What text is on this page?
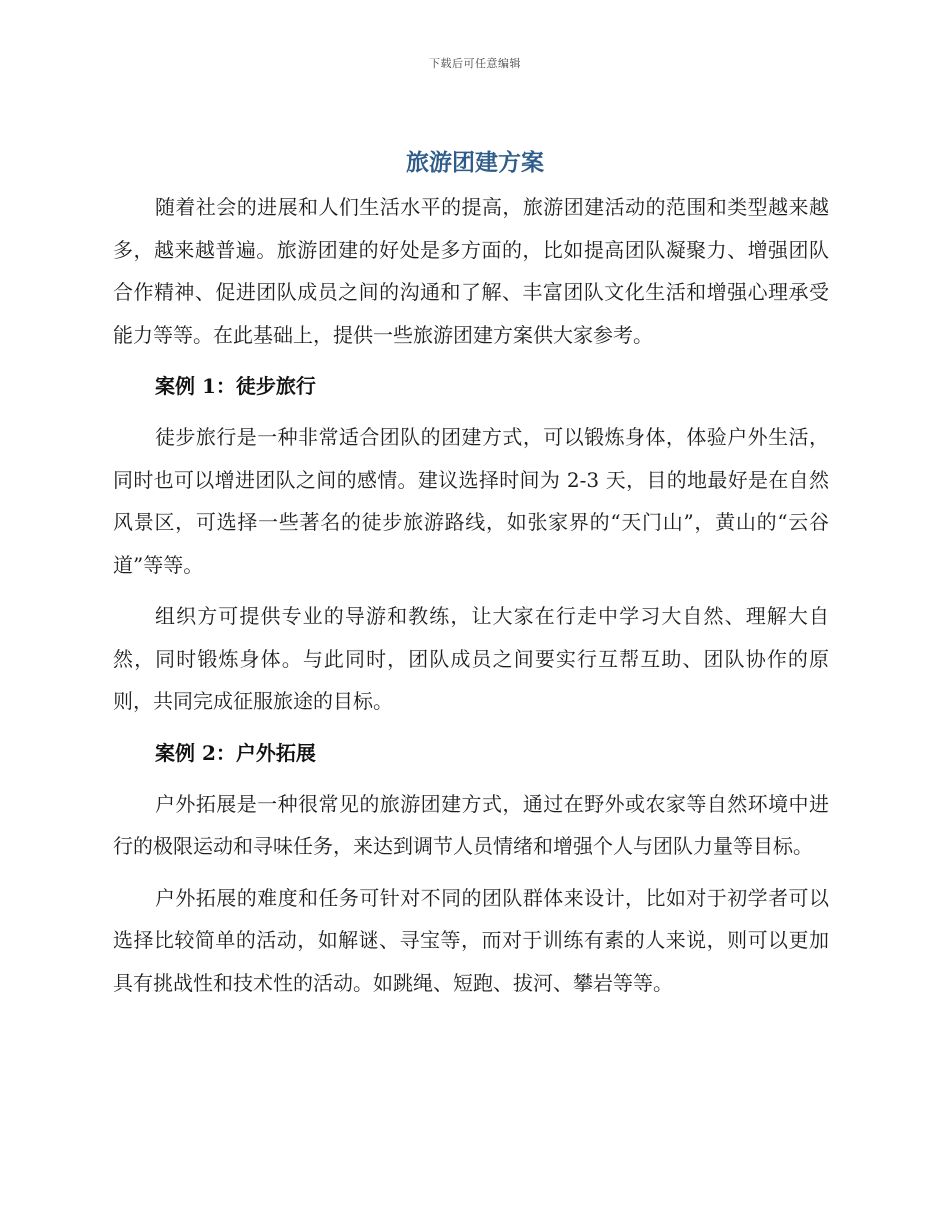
下载后可任意编辑
旅游团建方案

随着社会的进展和人们生活水平的提高，旅游团建活动的范围和类型越来越多，越来越普遍。旅游团建的好处是多方面的，比如提高团队凝聚力、增强团队合作精神、促进团队成员之间的沟通和了解、丰富团队文化生活和增强心理承受能力等等。在此基础上，提供一些旅游团建方案供大家参考。

案例 1：徒步旅行

徒步旅行是一种非常适合团队的团建方式，可以锻炼身体，体验户外生活，同时也可以增进团队之间的感情。建议选择时间为 2-3 天，目的地最好是在自然风景区，可选择一些著名的徒步旅游路线，如张家界的“天门山”，黄山的“云谷道”等等。

组织方可提供专业的导游和教练，让大家在行走中学习大自然、理解大自然，同时锻炼身体。与此同时，团队成员之间要实行互帮互助、团队协作的原则，共同完成征服旅途的目标。

案例 2：户外拓展

户外拓展是一种很常见的旅游团建方式，通过在野外或农家等自然环境中进行的极限运动和寻味任务，来达到调节人员情绪和增强个人与团队力量等目标。

户外拓展的难度和任务可针对不同的团队群体来设计，比如对于初学者可以选择比较简单的活动，如解谜、寻宝等，而对于训练有素的人来说，则可以更加具有挑战性和技术性的活动。如跳绳、短跑、拔河、攀岩等等。
